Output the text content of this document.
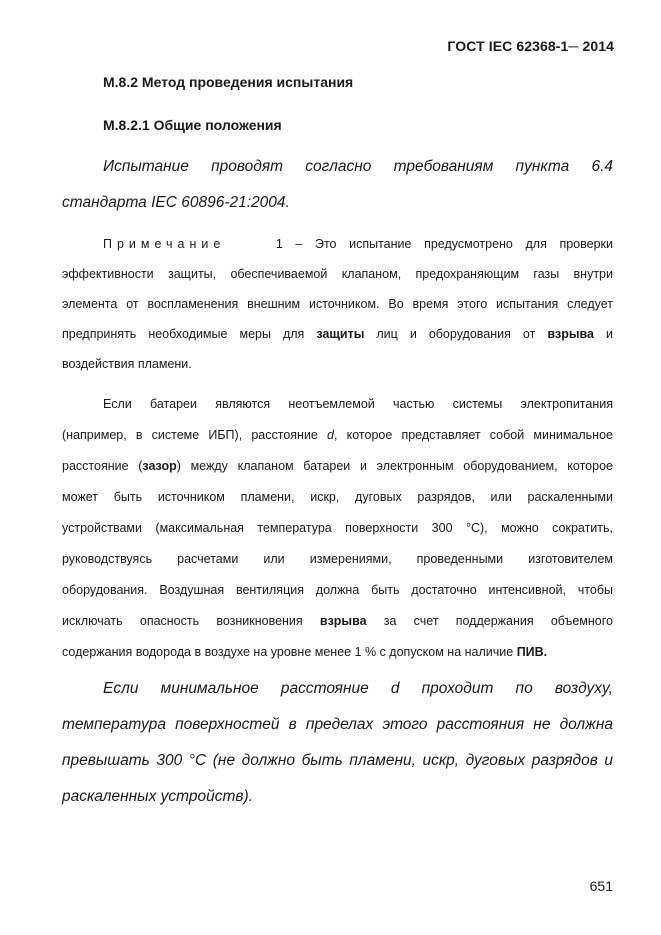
ГОСТ IEC 62368-1─ 2014
М.8.2 Метод проведения испытания
М.8.2.1 Общие положения
Испытание проводят согласно требованиям пункта 6.4
стандарта IEC 60896-21:2004.
Примечание	1 – Это испытание предусмотрено для проверки
эффективности защиты, обеспечиваемой клапаном, предохраняющим газы внутри
элемента от воспламенения внешним источником. Во время этого испытания следует
предпринять необходимые меры для защиты лиц и оборудования от взрыва и
воздействия пламени.
Если батареи являются неотъемлемой частью системы электропитания
(например, в системе ИБП), расстояние d, которое представляет собой минимальное
расстояние (зазор) между клапаном батареи и электронным оборудованием, которое
может быть источником пламени, искр, дуговых разрядов, или раскаленными
устройствами (максимальная температура поверхности 300 °С), можно сократить,
руководствуясь расчетами или измерениями, проведенными изготовителем
оборудования. Воздушная вентиляция должна быть достаточно интенсивной, чтобы
исключать опасность возникновения взрыва за счет поддержания объемного
содержания водорода в воздухе на уровне менее 1 % с допуском на наличие ПИВ.
Если минимальное расстояние d проходит по воздуху,
температура поверхностей в пределах этого расстояния не должна
превышать 300 °С (не должно быть пламени, искр, дуговых разрядов и
раскаленных устройств).
651
